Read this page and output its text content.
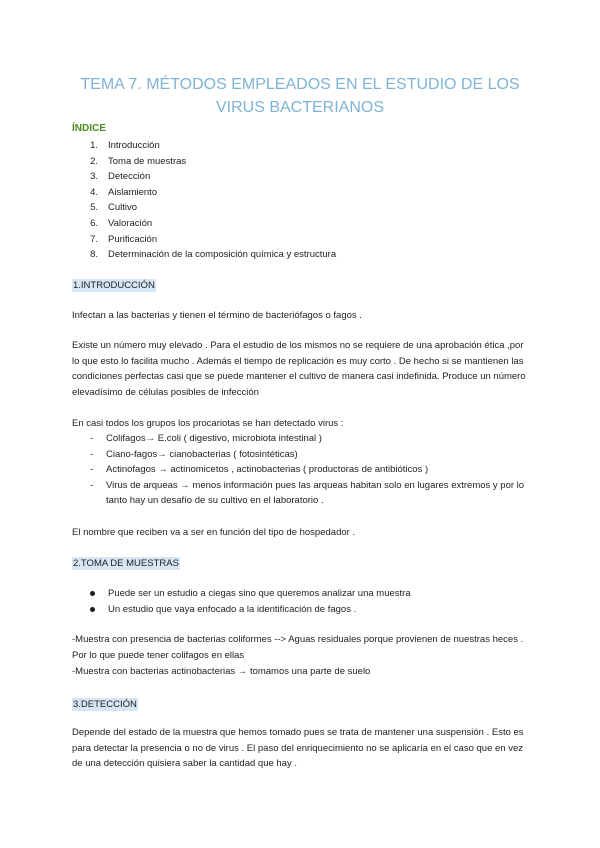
TEMA 7. MÉTODOS EMPLEADOS EN EL ESTUDIO DE LOS VIRUS BACTERIANOS
ÍNDICE
1. Introducción
2. Toma de muestras
3. Detección
4. Aislamiento
5. Cultivo
6. Valoración
7. Purificación
8. Determinación de la composición química y estructura
1.INTRODUCCIÓN

Infectan a las bacterias y tienen el término de bacteriófagos o fagos .

Existe un número muy elevado . Para el estudio de los mismos no se requiere de una aprobación ética ,por lo que esto lo facilita mucho . Además el tiempo de replicación es muy corto . De hecho si se mantienen las condiciones perfectas casi que se puede mantener el cultivo de manera casi indefinida. Produce un número elevadísimo de células posibles de infección

En casi todos los grupos los procariotas se han detectado virus :

- Colifagos→ E.coli ( digestivo, microbiota intestinal )
- Ciano-fagos→ cianobacterias ( fotosintéticas)
- Actinofagos → actinomicetos , actinobacterias ( productoras de antibióticos )
- Virus de arqueas → menos información pues las arqueas habitan solo en lugares extremos y por lo tanto hay un desafío de su cultivo en el laboratorio .

El nombre que reciben va a ser en función del tipo de hospedador .

2.TOMA DE MUESTRAS
Puede ser un estudio a ciegas sino que queremos analizar una muestra
Un estudio que vaya enfocado a la identificación de fagos .

-Muestra con presencia de bacterias coliformes --> Aguas residuales porque provienen de nuestras heces . Por lo que puede tener colifagos en ellas

-Muestra con bacterias actinobacterias → tomamos una parte de suelo

3.DETECCIÓN

Depende del estado de la muestra que hemos tomado pues se trata de mantener una suspensión . Esto es para detectar la presencia o no de virus . El paso del enriquecimiento no se aplicaría en el caso que en vez de una detección quisiera saber la cantidad que hay .
